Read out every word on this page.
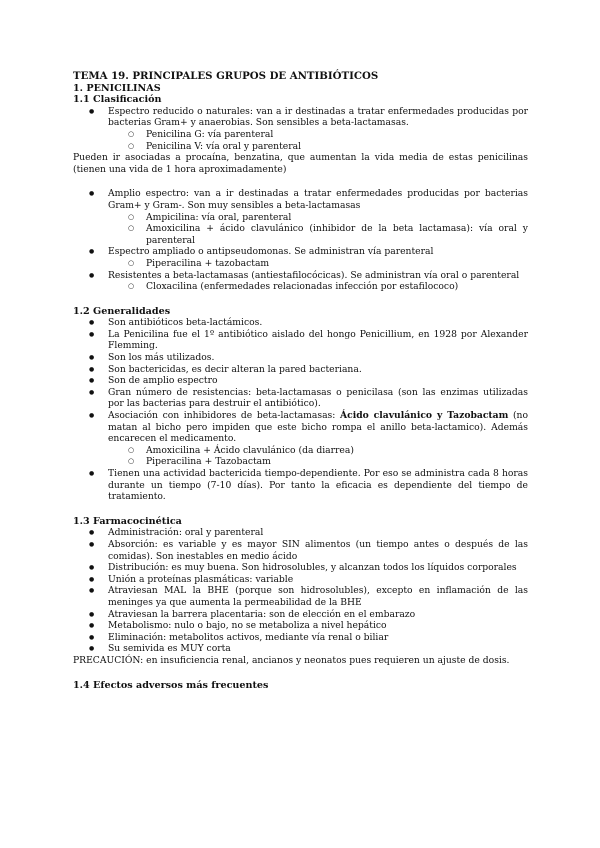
TEMA 19. PRINCIPALES GRUPOS DE ANTIBIÓTICOS
1. PENICILINAS
1.1 Clasificación
● Espectro reducido o naturales: van a ir destinadas a tratar enfermedades producidas por bacterias Gram+ y anaerobias. Son sensibles a beta-lactamasas.
○ Penicilina G: vía parenteral
○ Penicilina V: vía oral y parenteral

Pueden ir asociadas a procaína, benzatina, que aumentan la vida media de estas penicilinas (tienen una vida de 1 hora aproximadamente)

● Amplio espectro: van a ir destinadas a tratar enfermedades producidas por bacterias Gram+ y Gram-. Son muy sensibles a beta-lactamasas
○ Ampicilina: vía oral, parenteral
○ Amoxicilina + ácido clavulánico (inhibidor de la beta lactamasa): vía oral y parenteral
● Espectro ampliado o antipseudomonas. Se administran vía parenteral
○ Piperacilina + tazobactam
● Resistentes a beta-lactamasas (antiestafilocócicas). Se administran vía oral o parenteral
○ Cloxacilina (enfermedades relacionadas infección por estafilococo)
1.2 Generalidades
● Son antibióticos beta-lactámicos.
● La Penicilina fue el 1º antibiótico aislado del hongo Penicillium, en 1928 por Alexander Flemming.
● Son los más utilizados.
● Son bactericidas, es decir alteran la pared bacteriana.
● Son de amplio espectro
● Gran número de resistencias: beta-lactamasas o penicilasa (son las enzimas utilizadas por las bacterias para destruir el antibiótico).
● Asociación con inhibidores de beta-lactamasas: Ácido clavulánico y Tazobactam (no matan al bicho pero impiden que este bicho rompa el anillo beta-lactamico). Además encarecen el medicamento.
○ Amoxicilina + Ácido clavulánico (da diarrea)
○ Piperacilina + Tazobactam
● Tienen una actividad bactericida tiempo-dependiente. Por eso se administra cada 8 horas durante un tiempo (7-10 días). Por tanto la eficacia es dependiente del tiempo de tratamiento.
1.3 Farmacocinética
● Administración: oral y parenteral
● Absorción: es variable y es mayor SIN alimentos (un tiempo antes o después de las comidas). Son inestables en medio ácido
● Distribución: es muy buena. Son hidrosolubles, y alcanzan todos los líquidos corporales
● Unión a proteínas plasmáticas: variable
● Atraviesan MAL la BHE (porque son hidrosolubles), excepto en inflamación de las meninges ya que aumenta la permeabilidad de la BHE
● Atraviesan la barrera placentaria: son de elección en el embarazo
● Metabolismo: nulo o bajo, no se metaboliza a nivel hepático
● Eliminación: metabolitos activos, mediante vía renal o biliar
● Su semivida es MUY corta

PRECAUCIÓN: en insuficiencia renal, ancianos y neonatos pues requieren un ajuste de dosis.

1.4 Efectos adversos más frecuentes
